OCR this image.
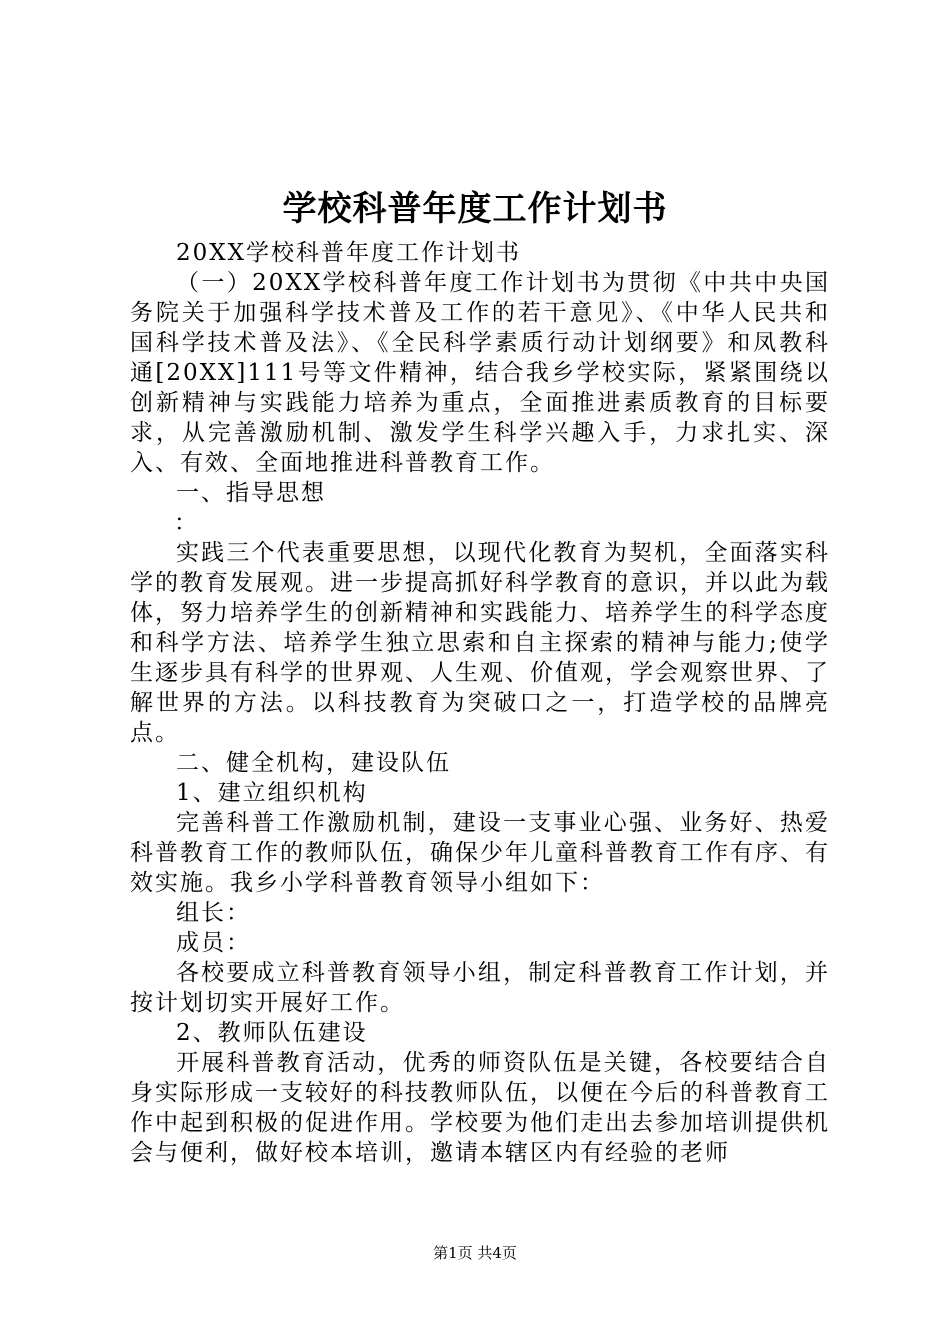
学校科普年度工作计划书

20XX学校科普年度工作计划书

（一）20XX学校科普年度工作计划书为贯彻《中共中央国务院关于加强科学技术普及工作的若干意见》、《中华人民共和国科学技术普及法》、《全民科学素质行动计划纲要》和凤教科通[20XX]111号等文件精神，结合我乡学校实际，紧紧围绕以创新精神与实践能力培养为重点，全面推进素质教育的目标要求，从完善激励机制、激发学生科学兴趣入手，力求扎实、深入、有效、全面地推进科普教育工作。

一、指导思想

：

实践三个代表重要思想，以现代化教育为契机，全面落实科学的教育发展观。进一步提高抓好科学教育的意识，并以此为载体，努力培养学生的创新精神和实践能力、培养学生的科学态度和科学方法、培养学生独立思索和自主探索的精神与能力;使学生逐步具有科学的世界观、人生观、价值观，学会观察世界、了解世界的方法。以科技教育为突破口之一，打造学校的品牌亮点。

二、健全机构，建设队伍

1、建立组织机构

完善科普工作激励机制，建设一支事业心强、业务好、热爱科普教育工作的教师队伍，确保少年儿童科普教育工作有序、有效实施。我乡小学科普教育领导小组如下：

组长：

成员：

各校要成立科普教育领导小组，制定科普教育工作计划，并按计划切实开展好工作。

2、教师队伍建设

开展科普教育活动，优秀的师资队伍是关键，各校要结合自身实际形成一支较好的科技教师队伍，以便在今后的科普教育工作中起到积极的促进作用。学校要为他们走出去参加培训提供机会与便利，做好校本培训，邀请本辖区内有经验的老师

第1页 共4页
